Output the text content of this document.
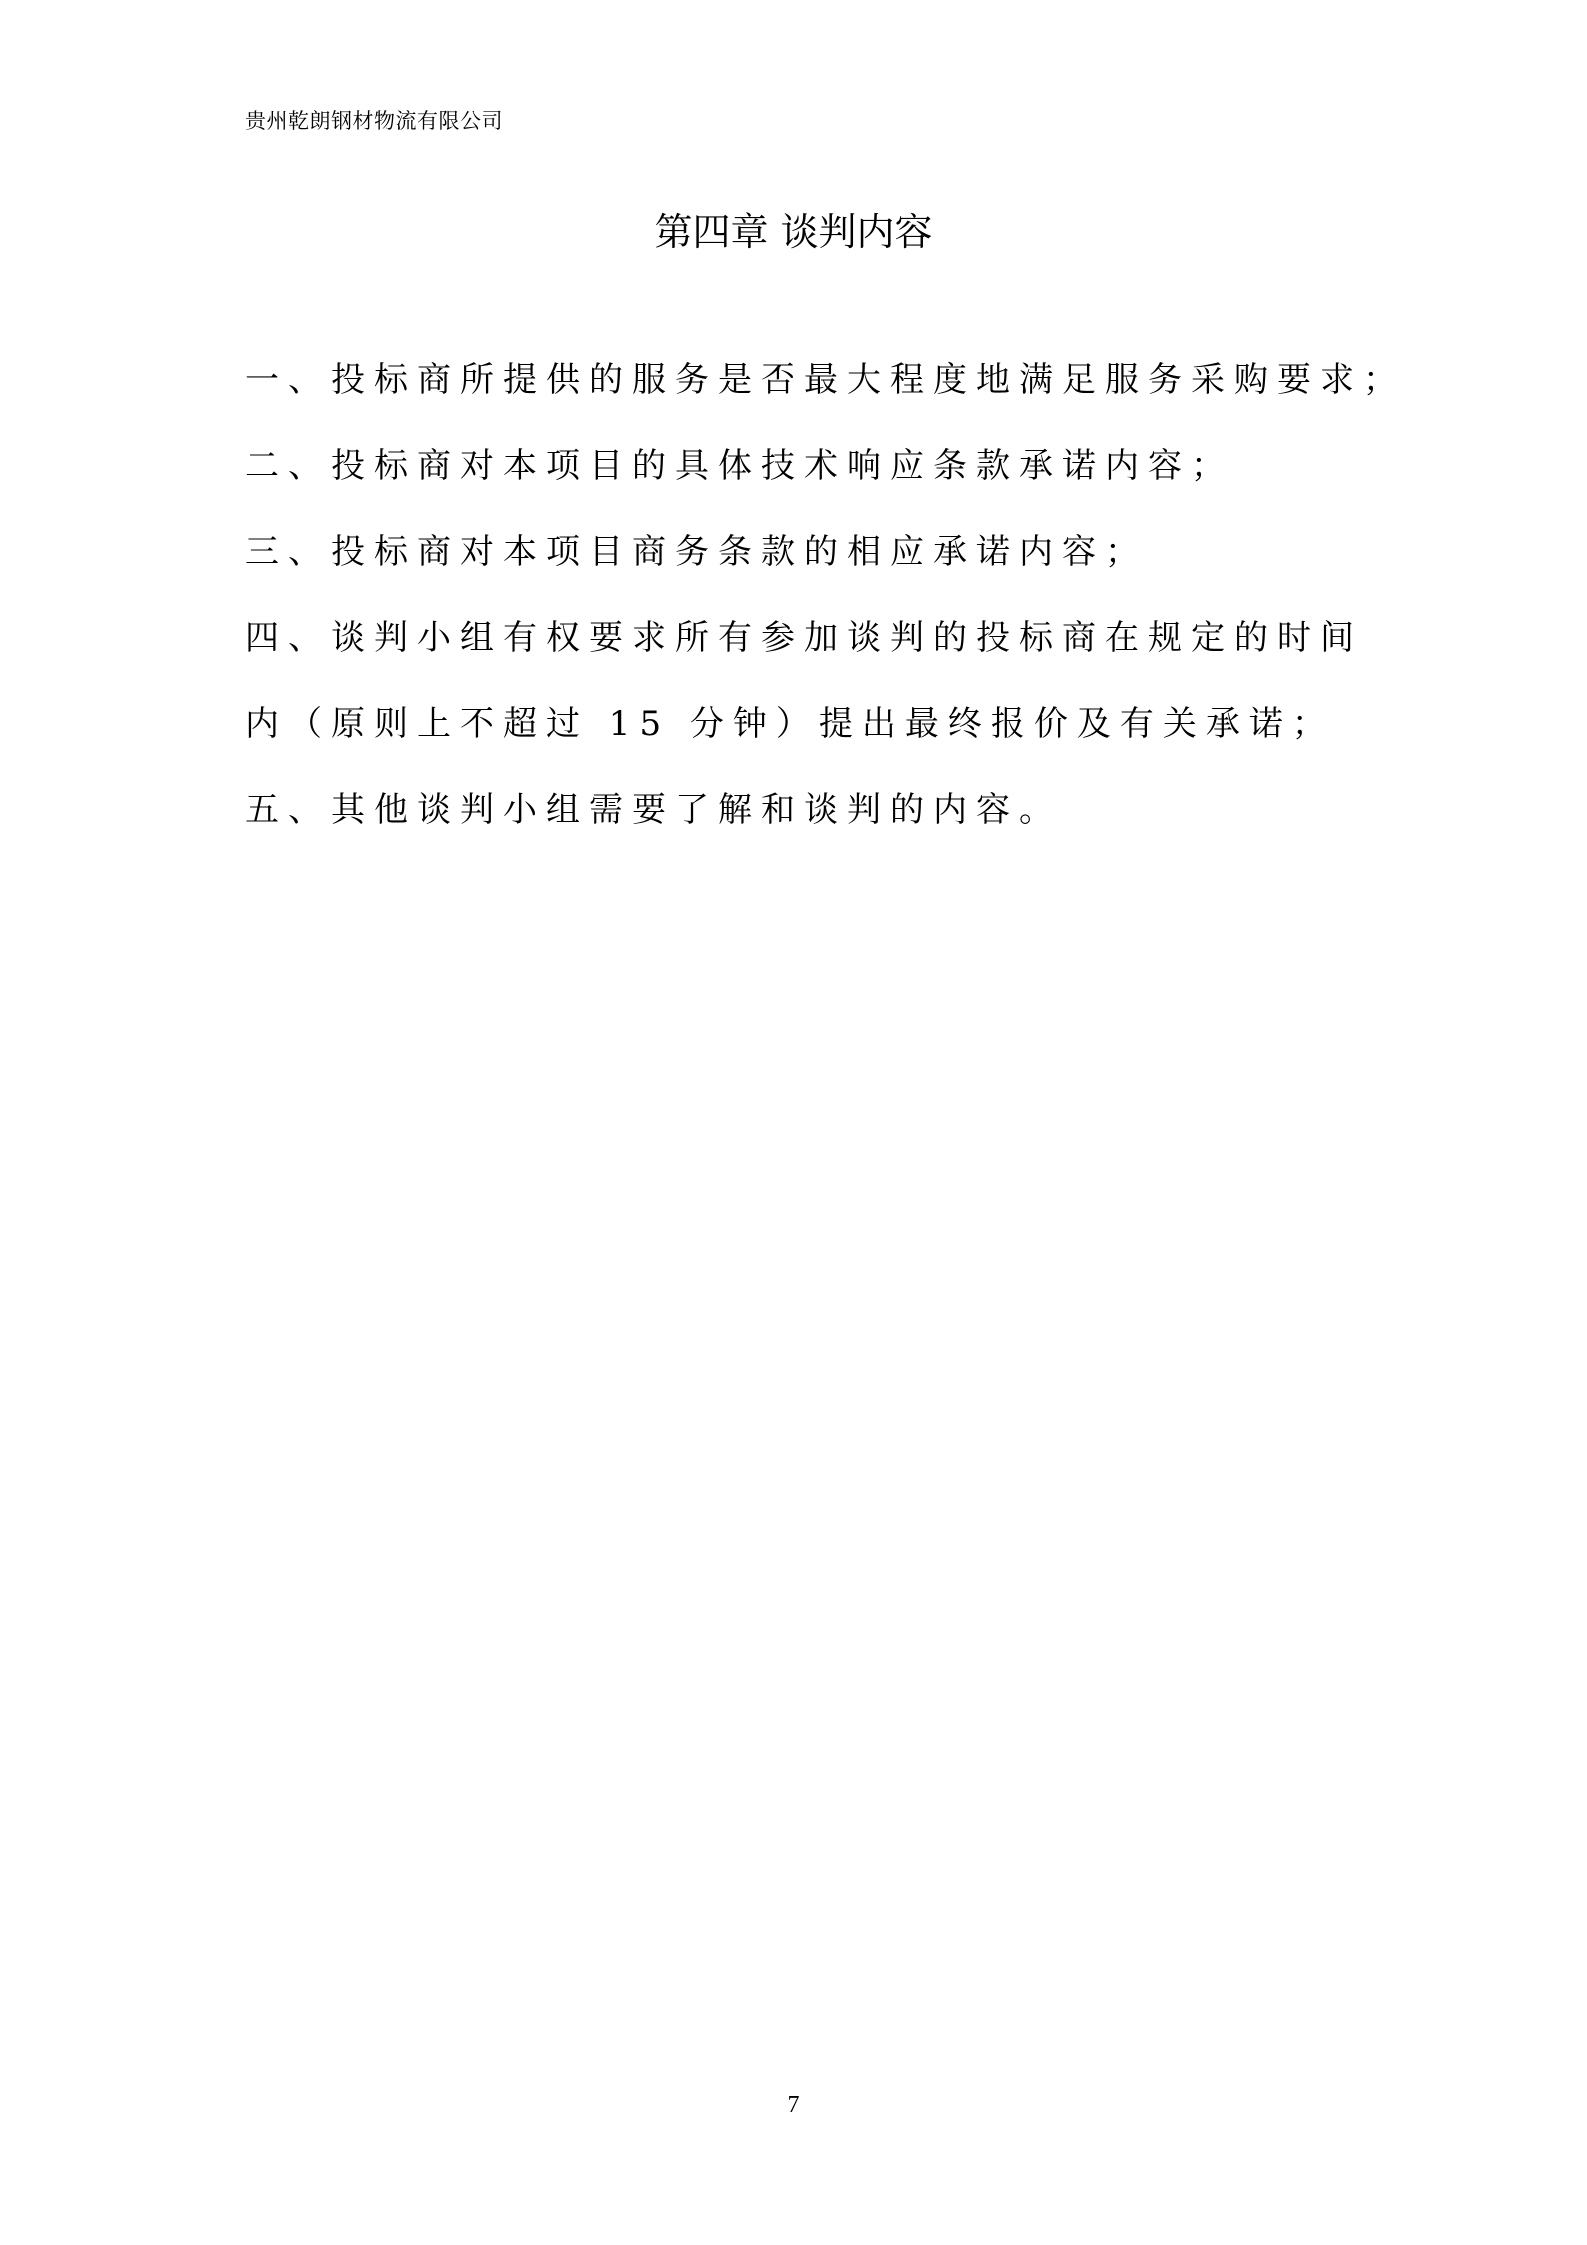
贵州乾朗钢材物流有限公司
第四章 谈判内容

一、投标商所提供的服务是否最大程度地满足服务采购要求；

二、投标商对本项目的具体技术响应条款承诺内容；

三、投标商对本项目商务条款的相应承诺内容；

四、谈判小组有权要求所有参加谈判的投标商在规定的时间

内（原则上不超过 15 分钟）提出最终报价及有关承诺；

五、其他谈判小组需要了解和谈判的内容。

7
